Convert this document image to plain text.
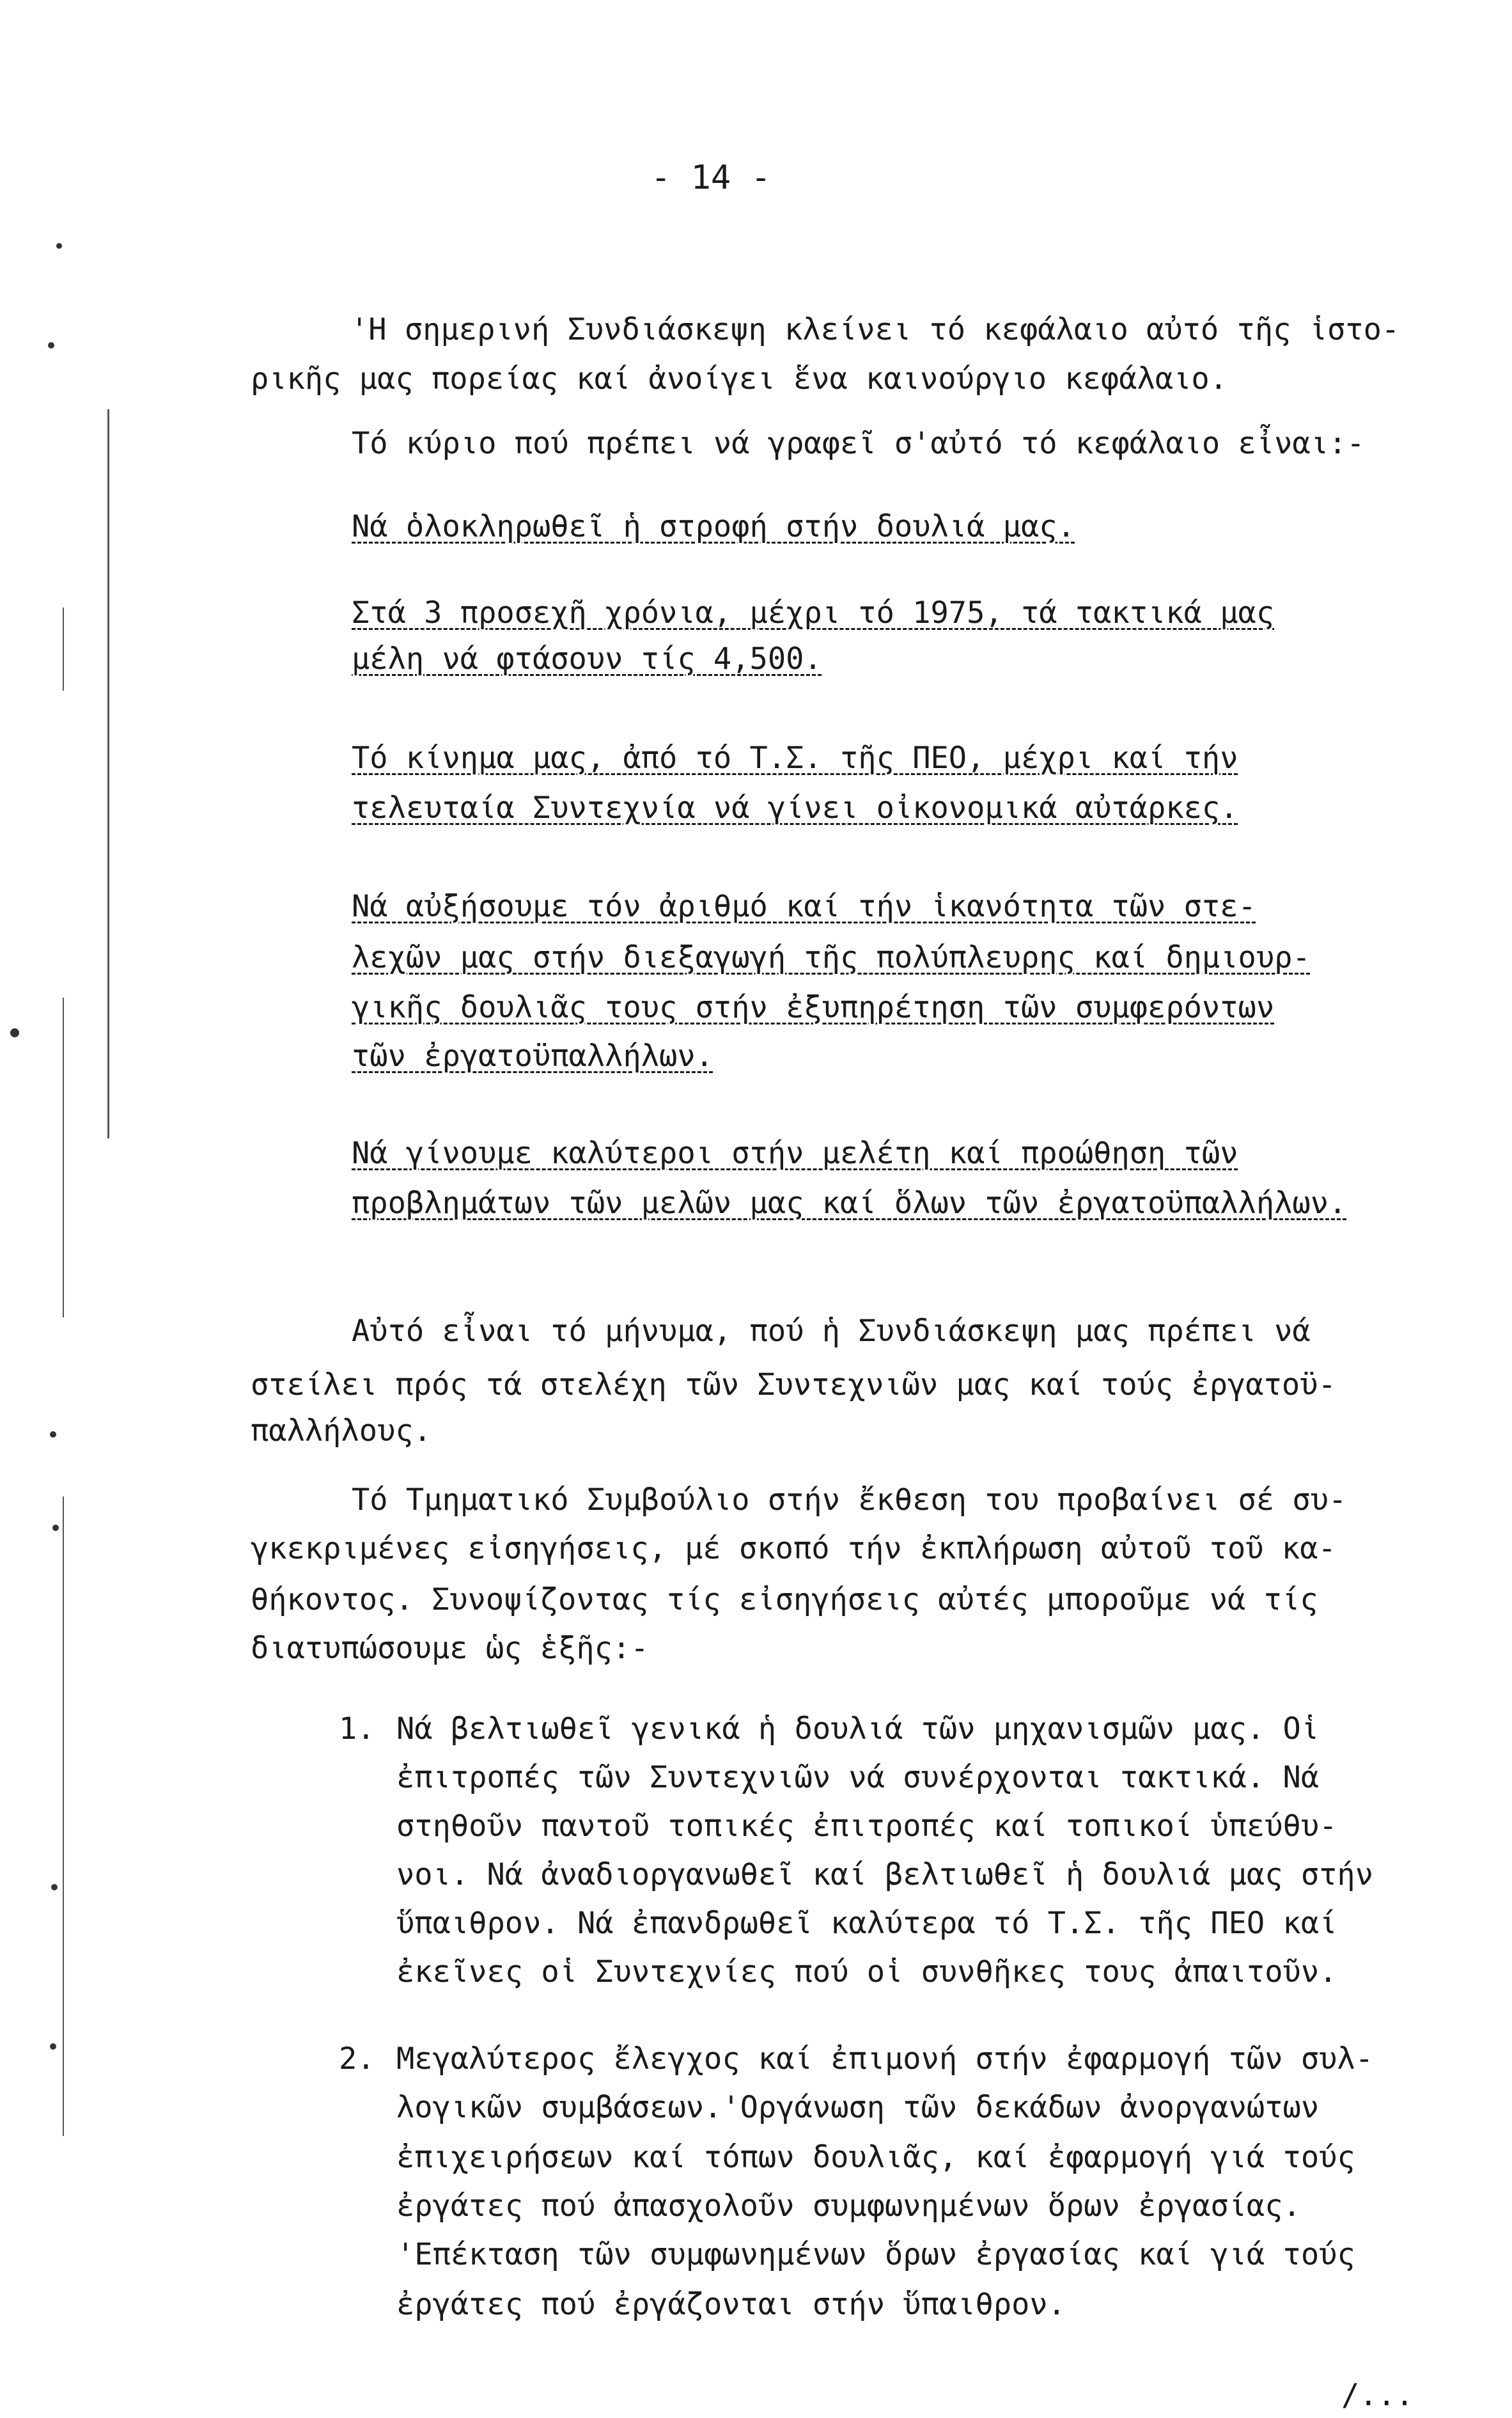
- 14 -
'Η σημερινή Συνδιάσκεψη κλείνει τό κεφάλαιο αὐτό τῆς ἱστο-
ρικῆς μας πορείας καί ἀνοίγει ἕνα καινούργιο κεφάλαιο.
Τό κύριο πού πρέπει νά γραφεῖ σ'αὐτό τό κεφάλαιο εἶναι:-
Νά ὁλοκληρωθεῖ ἡ στροφή στήν δουλιά μας.
Στά 3 προσεχῆ χρόνια, μέχρι τό 1975, τά τακτικά μας
μέλη νά φτάσουν τίς 4,500.
Τό κίνημα μας, ἀπό τό Τ.Σ. τῆς ΠΕΟ, μέχρι καί τήν
τελευταία Συντεχνία νά γίνει οἰκονομικά αὐτάρκες.
Νά αὐξήσουμε τόν ἀριθμό καί τήν ἱκανότητα τῶν στε-
λεχῶν μας στήν διεξαγωγή τῆς πολύπλευρης καί δημιουρ-
γικῆς δουλιᾶς τους στήν ἐξυπηρέτηση τῶν συμφερόντων
τῶν ἐργατοϋπαλλήλων.
Νά γίνουμε καλύτεροι στήν μελέτη καί προώθηση τῶν
προβλημάτων τῶν μελῶν μας καί ὅλων τῶν ἐργατοϋπαλλήλων.
Αὐτό εἶναι τό μήνυμα, πού ἡ Συνδιάσκεψη μας πρέπει νά
στείλει πρός τά στελέχη τῶν Συντεχνιῶν μας καί τούς ἐργατοϋ-
παλλήλους.
Τό Τμηματικό Συμβούλιο στήν ἔκθεση του προβαίνει σέ συ-
γκεκριμένες εἰσηγήσεις, μέ σκοπό τήν ἐκπλήρωση αὐτοῦ τοῦ κα-
θήκοντος. Συνοψίζοντας τίς εἰσηγήσεις αὐτές μποροῦμε νά τίς
διατυπώσουμε ὡς ἑξῆς:-
1. Νά βελτιωθεῖ γενικά ἡ δουλιά τῶν μηχανισμῶν μας. Οἱ
ἐπιτροπές τῶν Συντεχνιῶν νά συνέρχονται τακτικά. Νά
στηθοῦν παντοῦ τοπικές ἐπιτροπές καί τοπικοί ὑπεύθυ-
νοι. Νά ἀναδιοργανωθεῖ καί βελτιωθεῖ ἡ δουλιά μας στήν
ὕπαιθρον. Νά ἐπανδρωθεῖ καλύτερα τό Τ.Σ. τῆς ΠΕΟ καί
ἐκεῖνες οἱ Συντεχνίες πού οἱ συνθῆκες τους ἀπαιτοῦν.
2. Μεγαλύτερος ἔλεγχος καί ἐπιμονή στήν ἐφαρμογή τῶν συλ-
λογικῶν συμβάσεων.'Οργάνωση τῶν δεκάδων ἀνοργανώτων
ἐπιχειρήσεων καί τόπων δουλιᾶς, καί ἐφαρμογή γιά τούς
ἐργάτες πού ἀπασχολοῦν συμφωνημένων ὅρων ἐργασίας.
'Επέκταση τῶν συμφωνημένων ὅρων ἐργασίας καί γιά τούς
ἐργάτες πού ἐργάζονται στήν ὕπαιθρον.
/...
